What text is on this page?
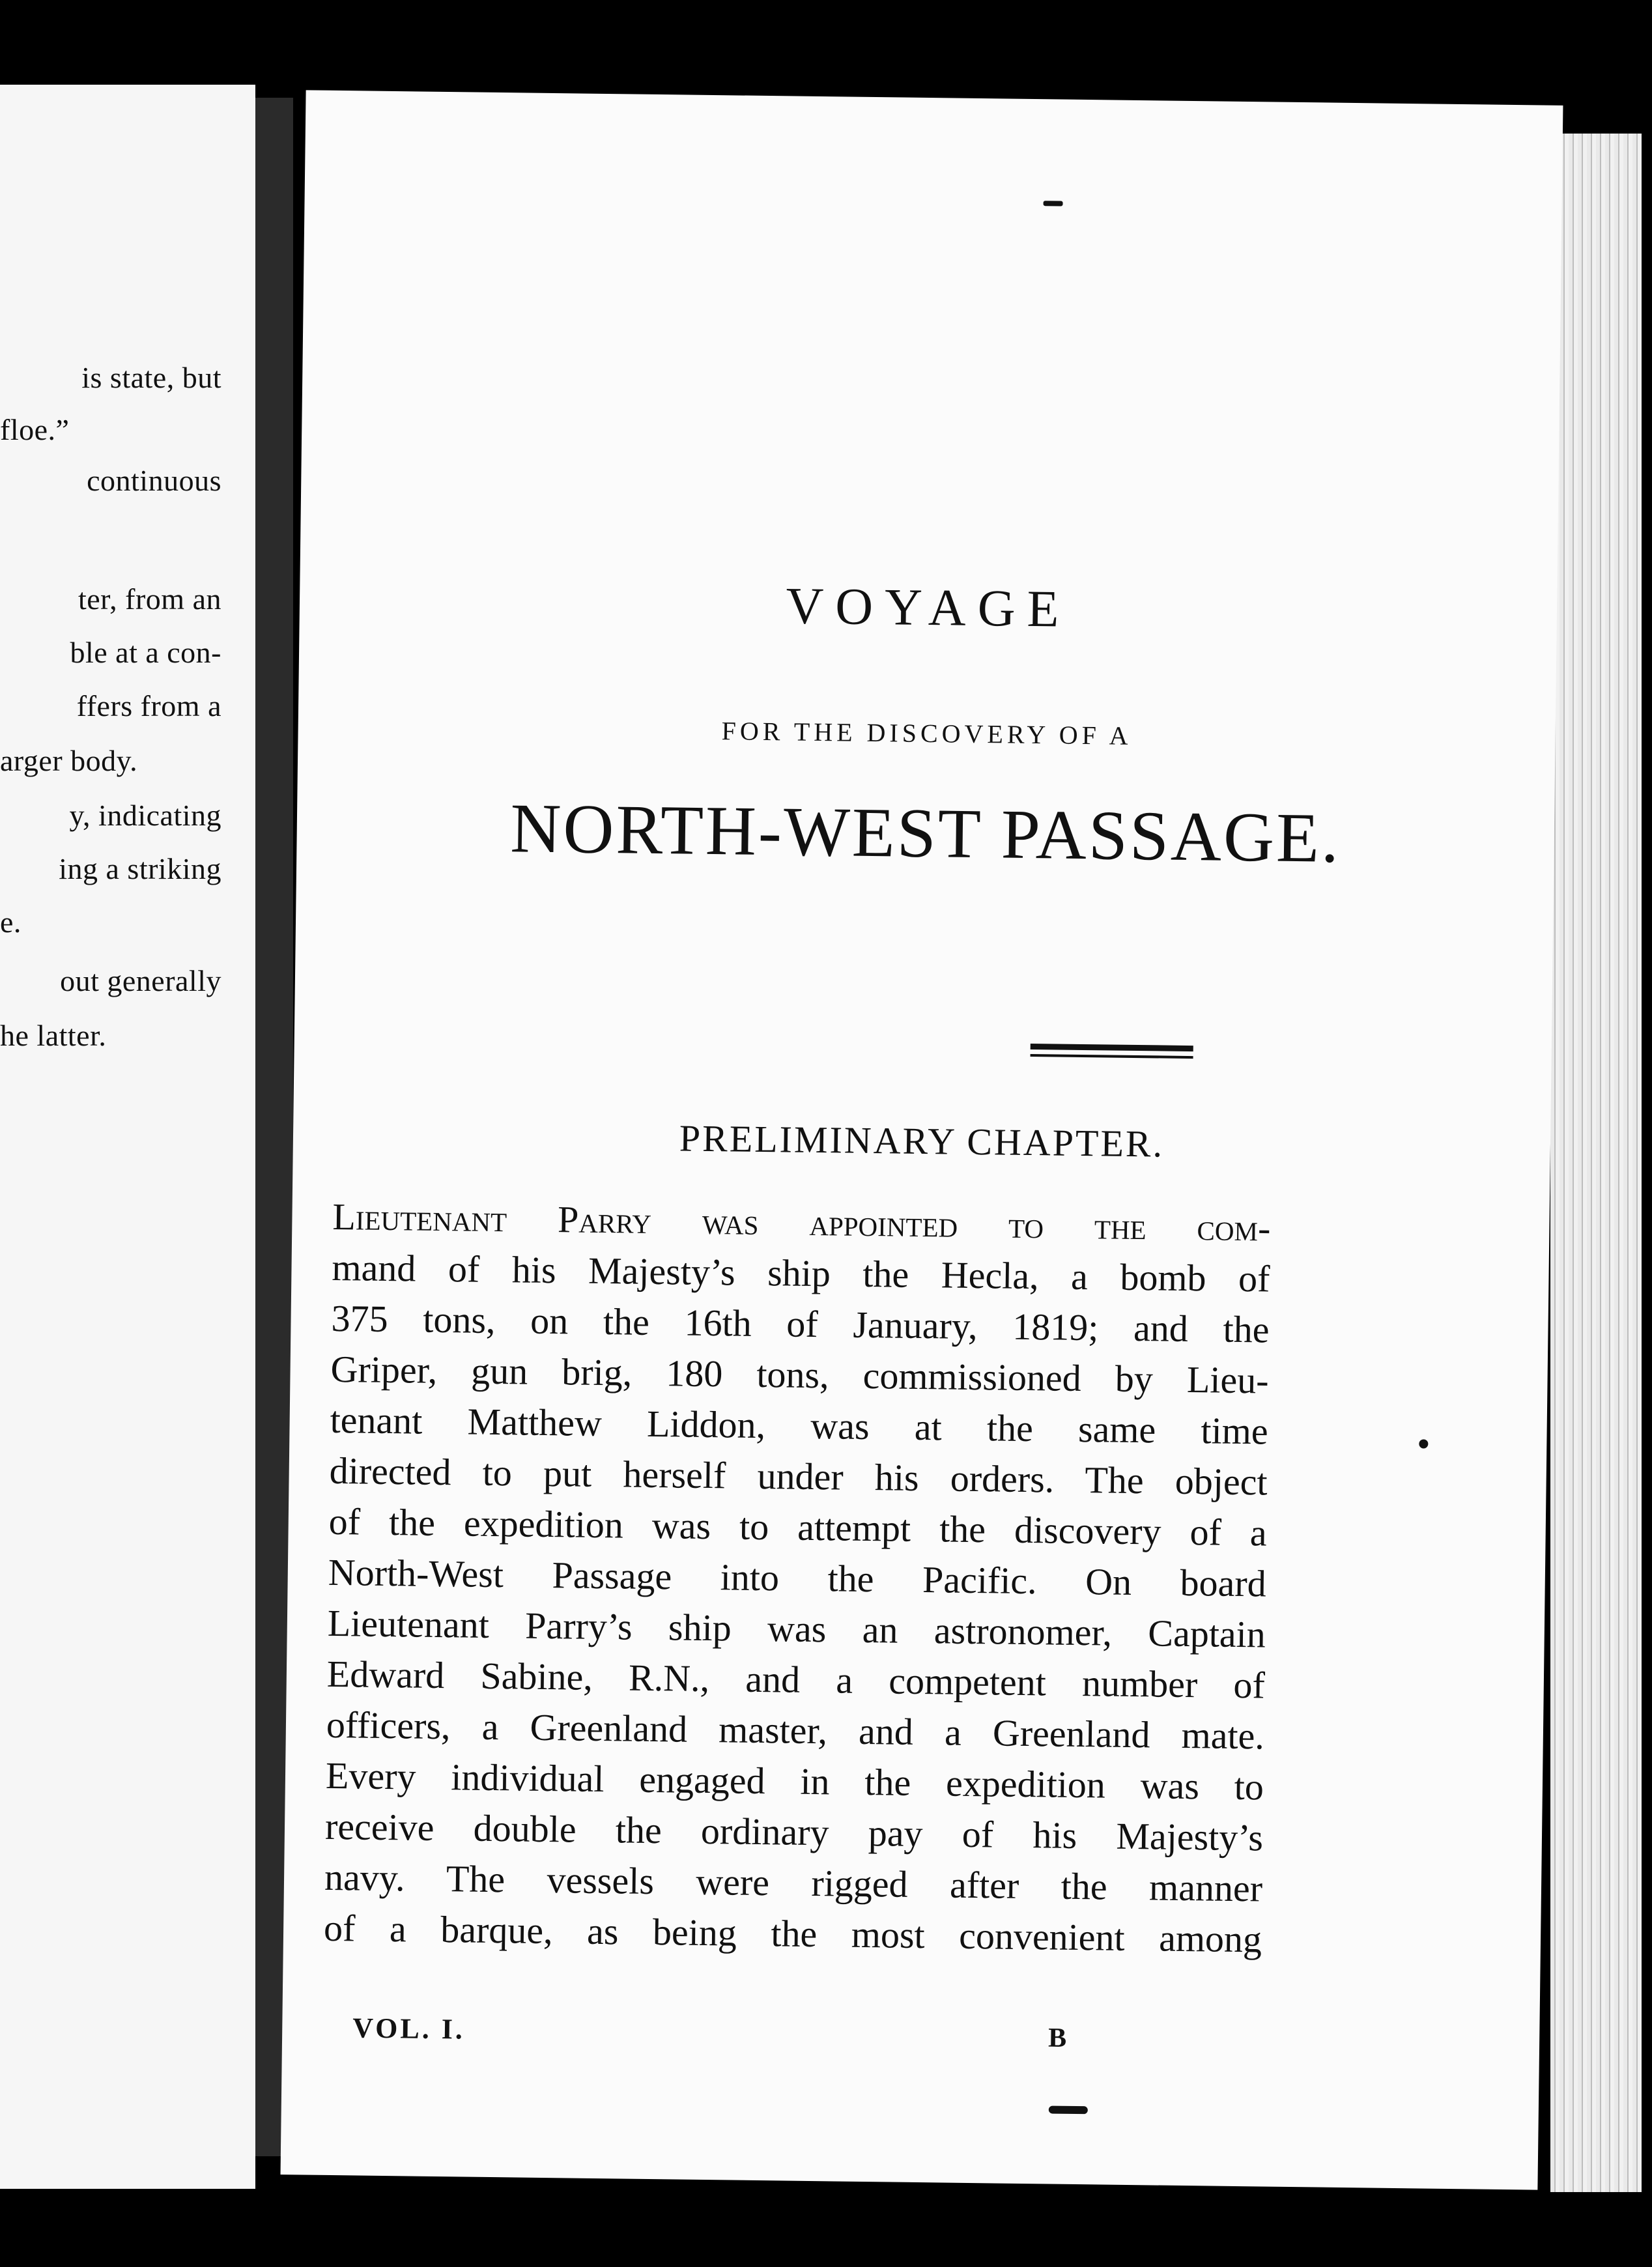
is state, but
floe.”
continuous
ter, from an
ble at a con-
ffers from a
arger body.
y, indicating
ing a striking
e.
out generally
he latter.
VOYAGE
FOR THE DISCOVERY OF A
NORTH-WEST PASSAGE.
PRELIMINARY CHAPTER.
Lieutenant Parry was appointed to the com-
mand of his Majesty’s ship the Hecla, a bomb of
375 tons, on the 16th of January, 1819; and the
Griper, gun brig, 180 tons, commissioned by Lieu-
tenant Matthew Liddon, was at the same time
directed to put herself under his orders. The object
of the expedition was to attempt the discovery of a
North-West Passage into the Pacific. On board
Lieutenant Parry’s ship was an astronomer, Captain
Edward Sabine, R.N., and a competent number of
officers, a Greenland master, and a Greenland mate.
Every individual engaged in the expedition was to
receive double the ordinary pay of his Majesty’s
navy. The vessels were rigged after the manner
of a barque, as being the most convenient among
VOL. I.	B
